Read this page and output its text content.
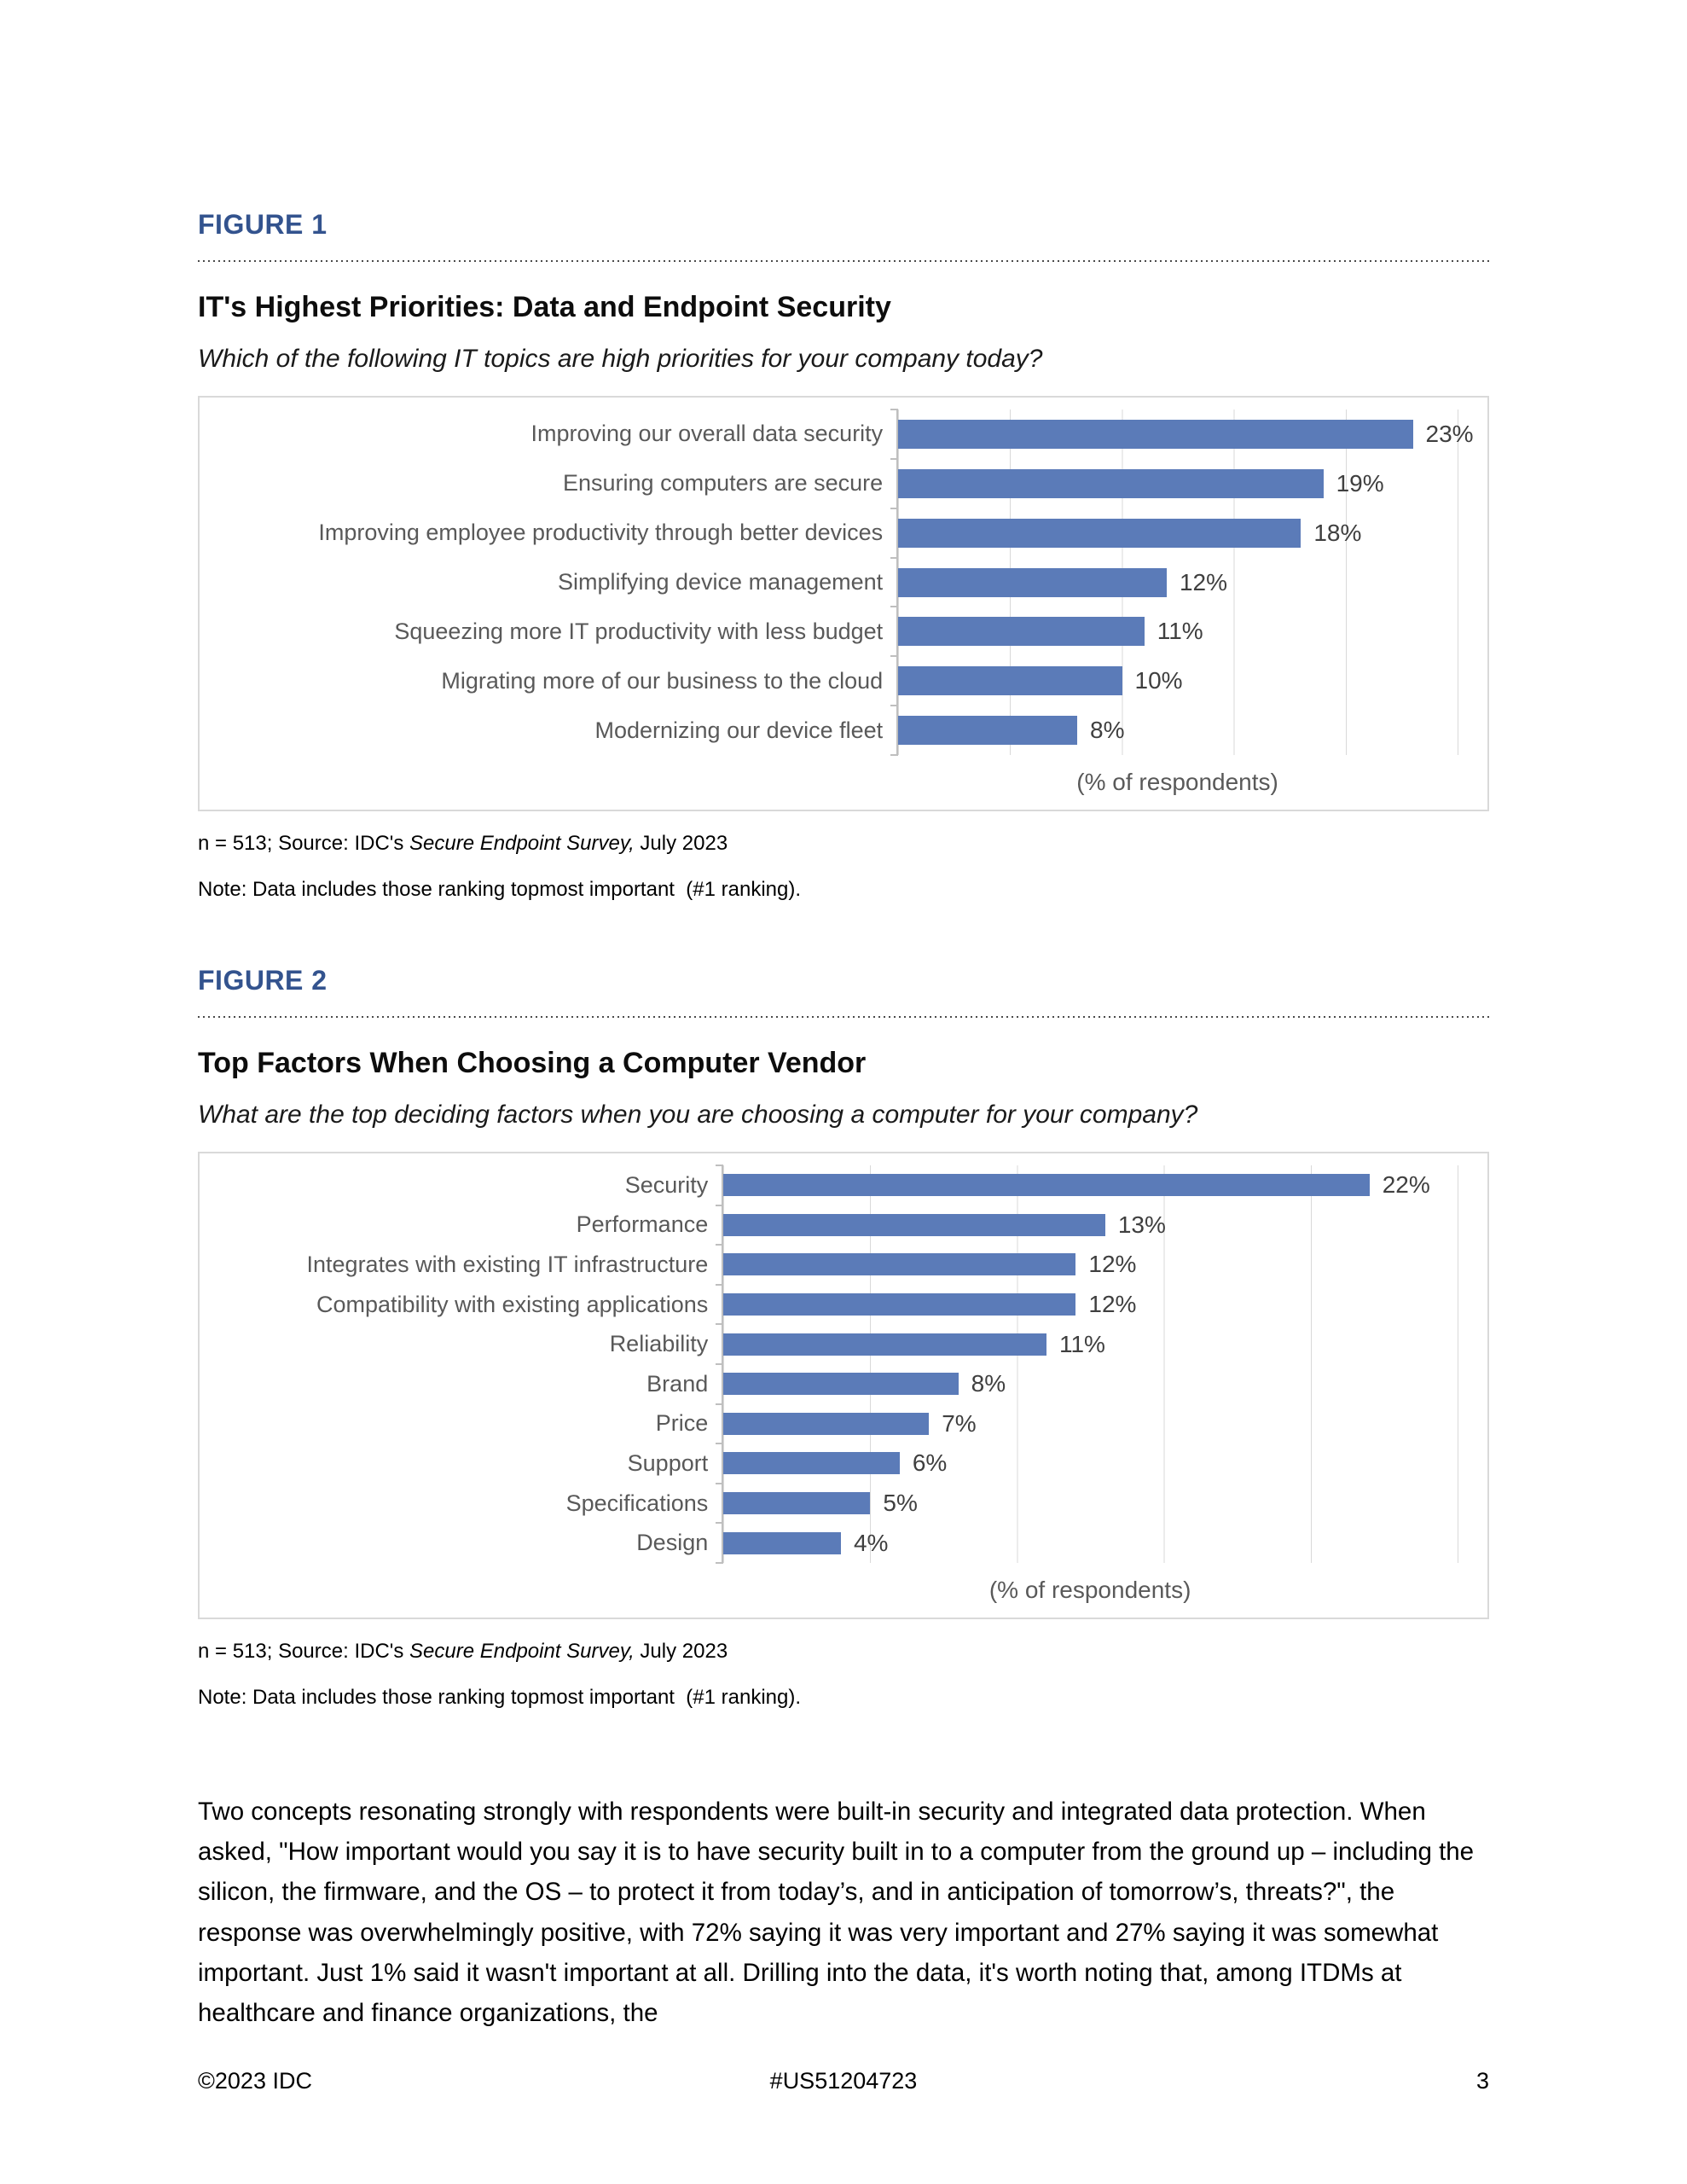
FIGURE 1
IT's Highest Priorities: Data and Endpoint Security
Which of the following IT topics are high priorities for your company today?
Improving our overall data security	23%
Ensuring computers are secure	19%
Improving employee productivity through better devices	18%
Simplifying device management	12%
Squeezing more IT productivity with less budget	11%
Migrating more of our business to the cloud	10%
Modernizing our device fleet	8%
(% of respondents)

n = 513; Source: IDC's Secure Endpoint Survey, July 2023

Note: Data includes those ranking topmost important  (#1 ranking).

FIGURE 2
Top Factors When Choosing a Computer Vendor
What are the top deciding factors when you are choosing a computer for your company?
Security	22%
Performance	13%
Integrates with existing IT infrastructure	12%
Compatibility with existing applications	12%
Reliability	11%
Brand	8%
Price	7%
Support	6%
Specifications	5%
Design	4%
(% of respondents)

n = 513; Source: IDC's Secure Endpoint Survey, July 2023

Note: Data includes those ranking topmost important  (#1 ranking).

Two concepts resonating strongly with respondents were built-in security and integrated data protection. When asked, "How important would you say it is to have security built in to a computer from the ground up – including the silicon, the firmware, and the OS – to protect it from today’s, and in anticipation of tomorrow’s, threats?", the response was overwhelmingly positive, with 72% saying it was very important and 27% saying it was somewhat important. Just 1% said it wasn't important at all. Drilling into the data, it's worth noting that, among ITDMs at healthcare and finance organizations, the

©2023 IDC	#US51204723	3
